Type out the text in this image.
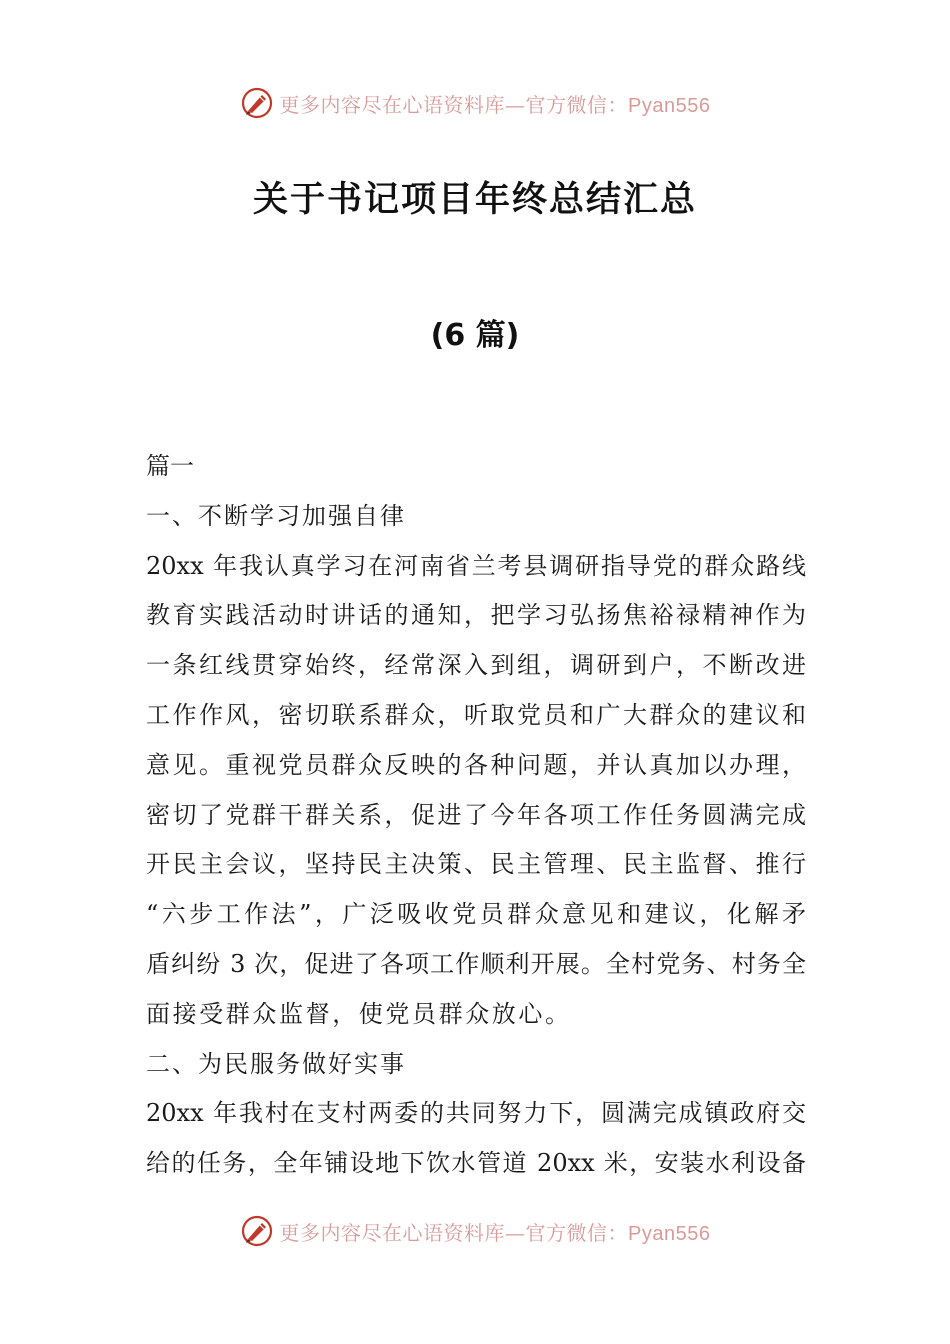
更多内容尽在心语资料库—官方微信：Pyan556
关于书记项目年终总结汇总
(6 篇)
篇一
一、不断学习加强自律
20xx 年我认真学习在河南省兰考县调研指导党的群众路线
教育实践活动时讲话的通知，把学习弘扬焦裕禄精神作为
一条红线贯穿始终，经常深入到组，调研到户，不断改进
工作作风，密切联系群众，听取党员和广大群众的建议和
意见。重视党员群众反映的各种问题，并认真加以办理，
密切了党群干群关系，促进了今年各项工作任务圆满完成
开民主会议，坚持民主决策、民主管理、民主监督、推行
“六步工作法”，广泛吸收党员群众意见和建议，化解矛
盾纠纷 3 次，促进了各项工作顺利开展。全村党务、村务全
面接受群众监督，使党员群众放心。
二、为民服务做好实事
20xx 年我村在支村两委的共同努力下，圆满完成镇政府交
给的任务，全年铺设地下饮水管道 20xx 米，安装水利设备
更多内容尽在心语资料库—官方微信：Pyan556
